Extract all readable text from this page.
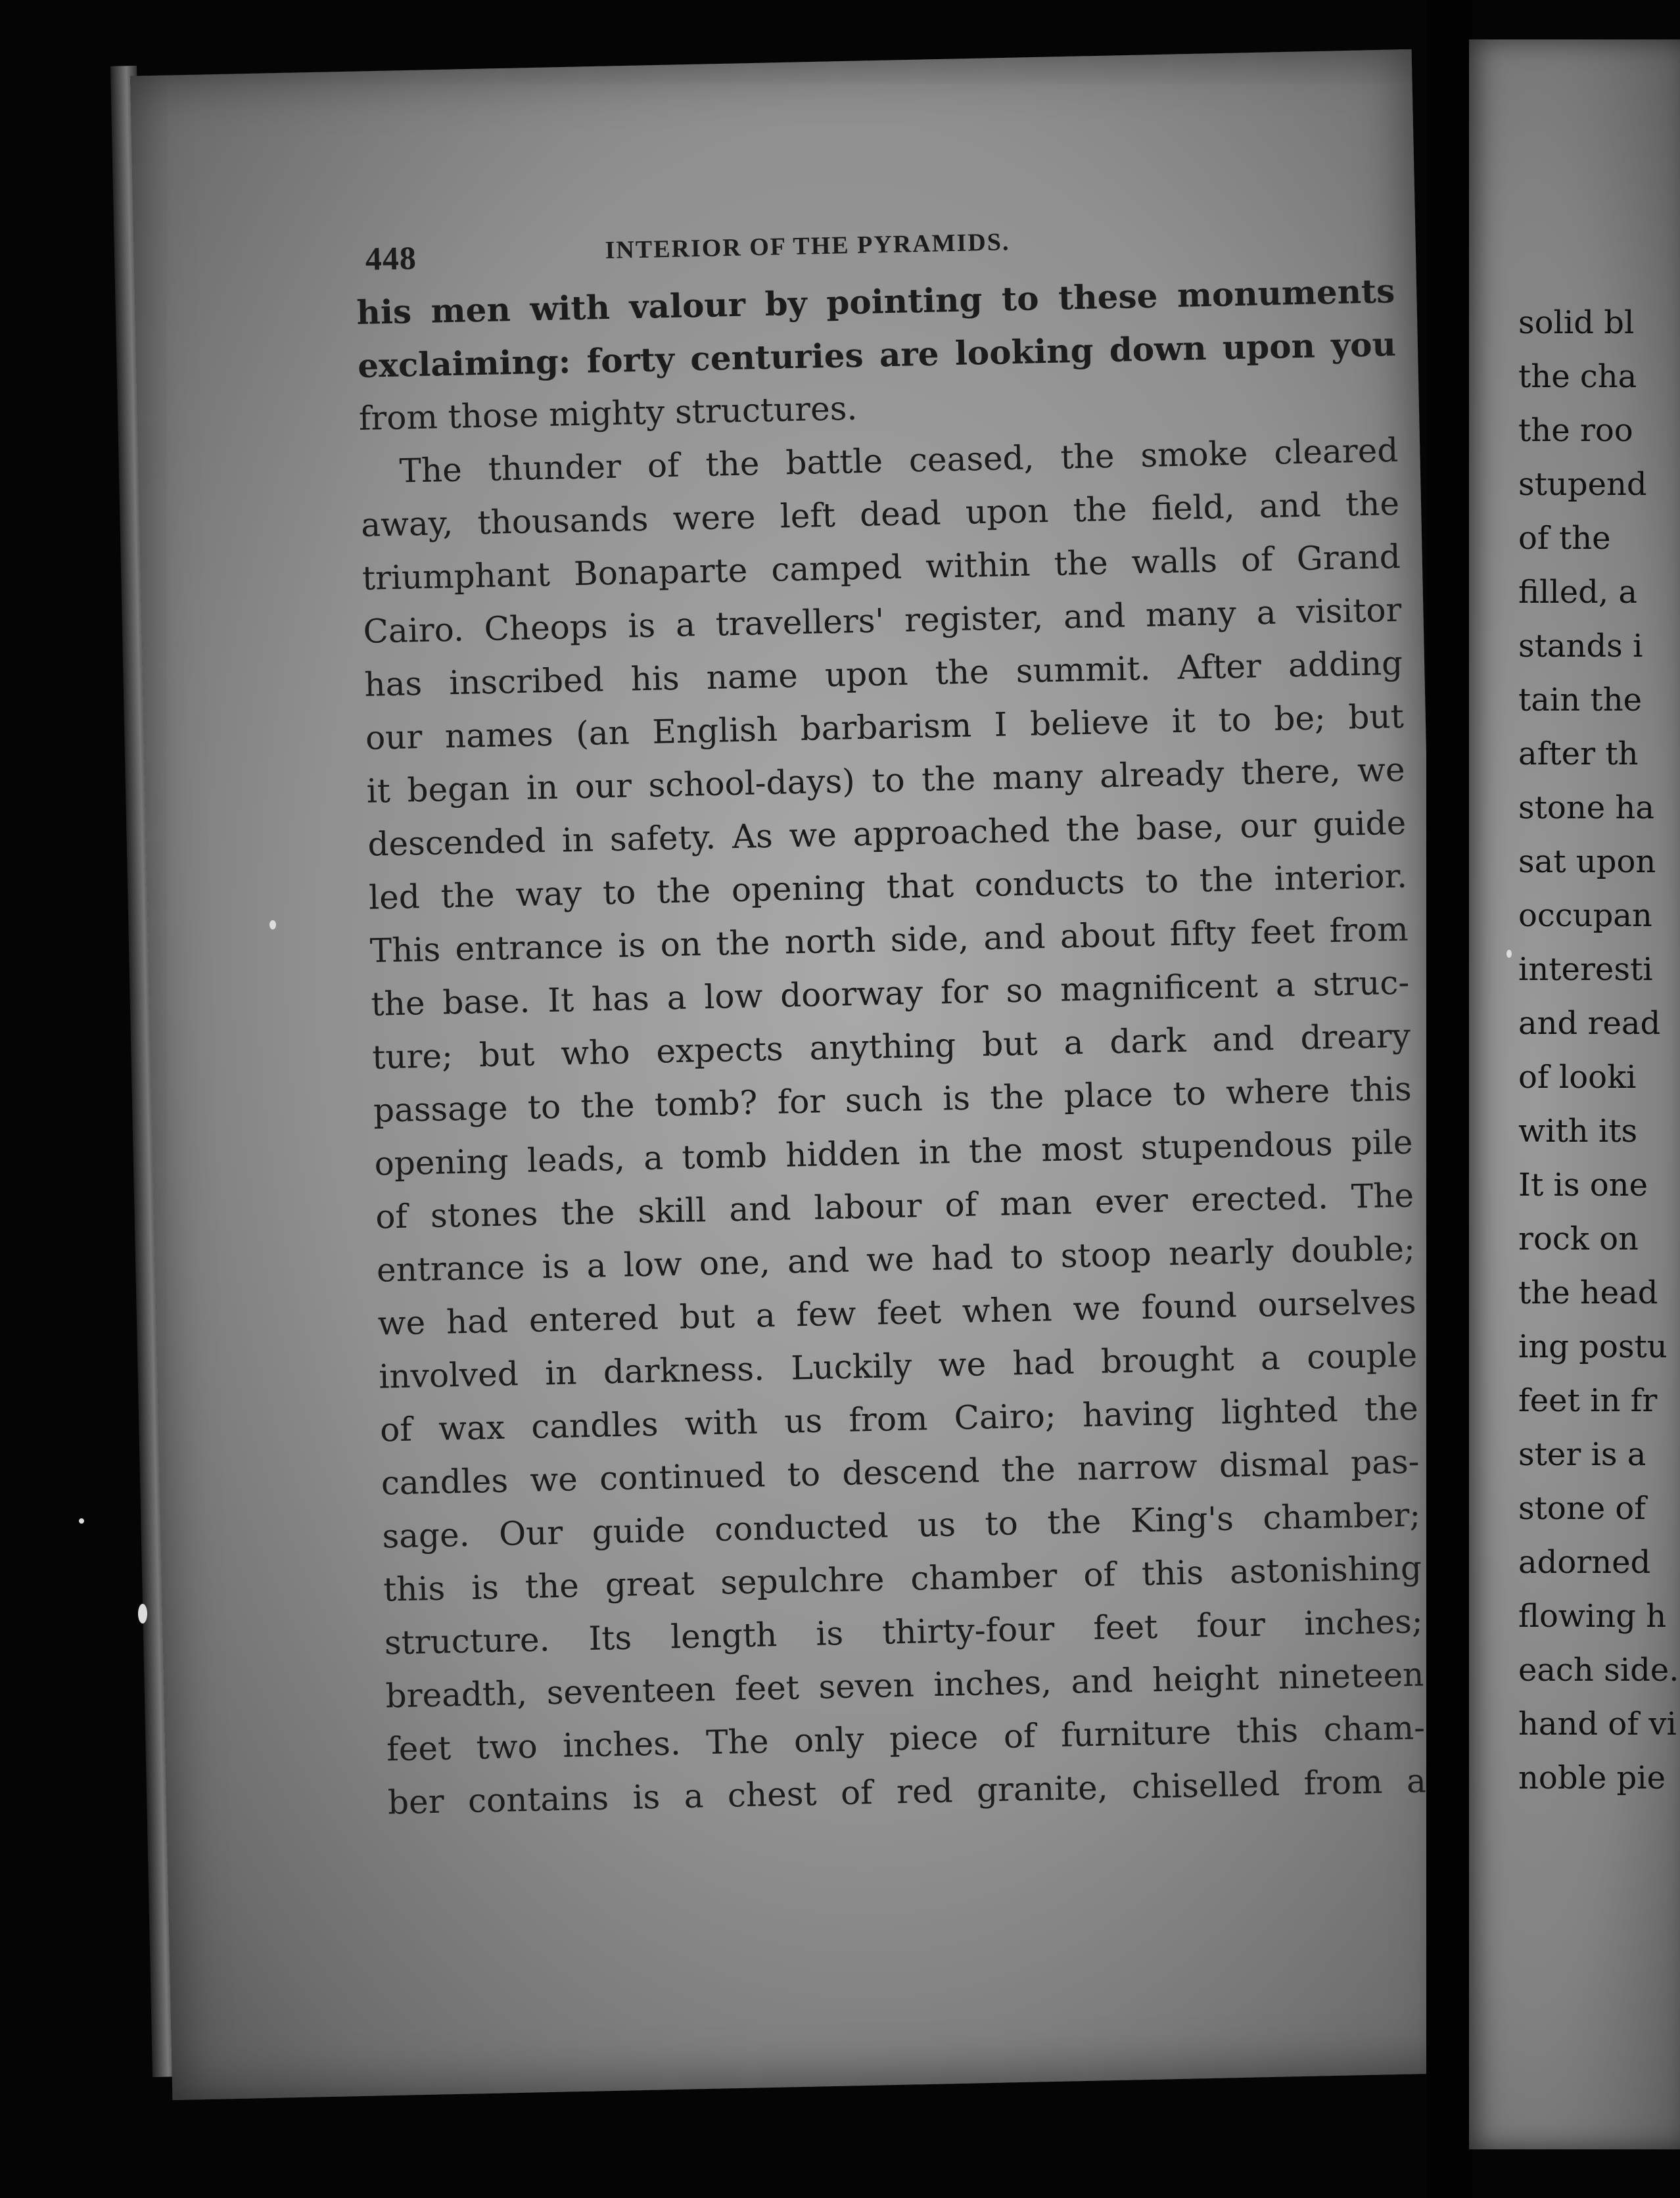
448	INTERIOR OF THE PYRAMIDS.
his men with valour by pointing to these monuments
exclaiming: forty centuries are looking down upon you
from those mighty structures.
The thunder of the battle ceased, the smoke cleared
away, thousands were left dead upon the field, and the
triumphant Bonaparte camped within the walls of Grand
Cairo. Cheops is a travellers' register, and many a visitor
has inscribed his name upon the summit. After adding
our names (an English barbarism I believe it to be; but
it began in our school-days) to the many already there, we
descended in safety. As we approached the base, our guide
led the way to the opening that conducts to the interior.
This entrance is on the north side, and about fifty feet from
the base. It has a low doorway for so magnificent a struc-
ture; but who expects anything but a dark and dreary
passage to the tomb? for such is the place to where this
opening leads, a tomb hidden in the most stupendous pile
of stones the skill and labour of man ever erected. The
entrance is a low one, and we had to stoop nearly double;
we had entered but a few feet when we found ourselves
involved in darkness. Luckily we had brought a couple
of wax candles with us from Cairo; having lighted the
candles we continued to descend the narrow dismal pas-
sage. Our guide conducted us to the King's chamber;
this is the great sepulchre chamber of this astonishing
structure. Its length is thirty-four feet four inches;
breadth, seventeen feet seven inches, and height nineteen
feet two inches. The only piece of furniture this cham-
ber contains is a chest of red granite, chiselled from a
solid bl
the cha
the roo
stupend
of the
filled, a
stands i
tain the
after th
stone ha
sat upon
occupan
interesti
and read
of looki
with its
It is one
rock on
the head
ing postu
feet in fr
ster is a
stone of
adorned
flowing h
each side.
hand of vi
noble pie
